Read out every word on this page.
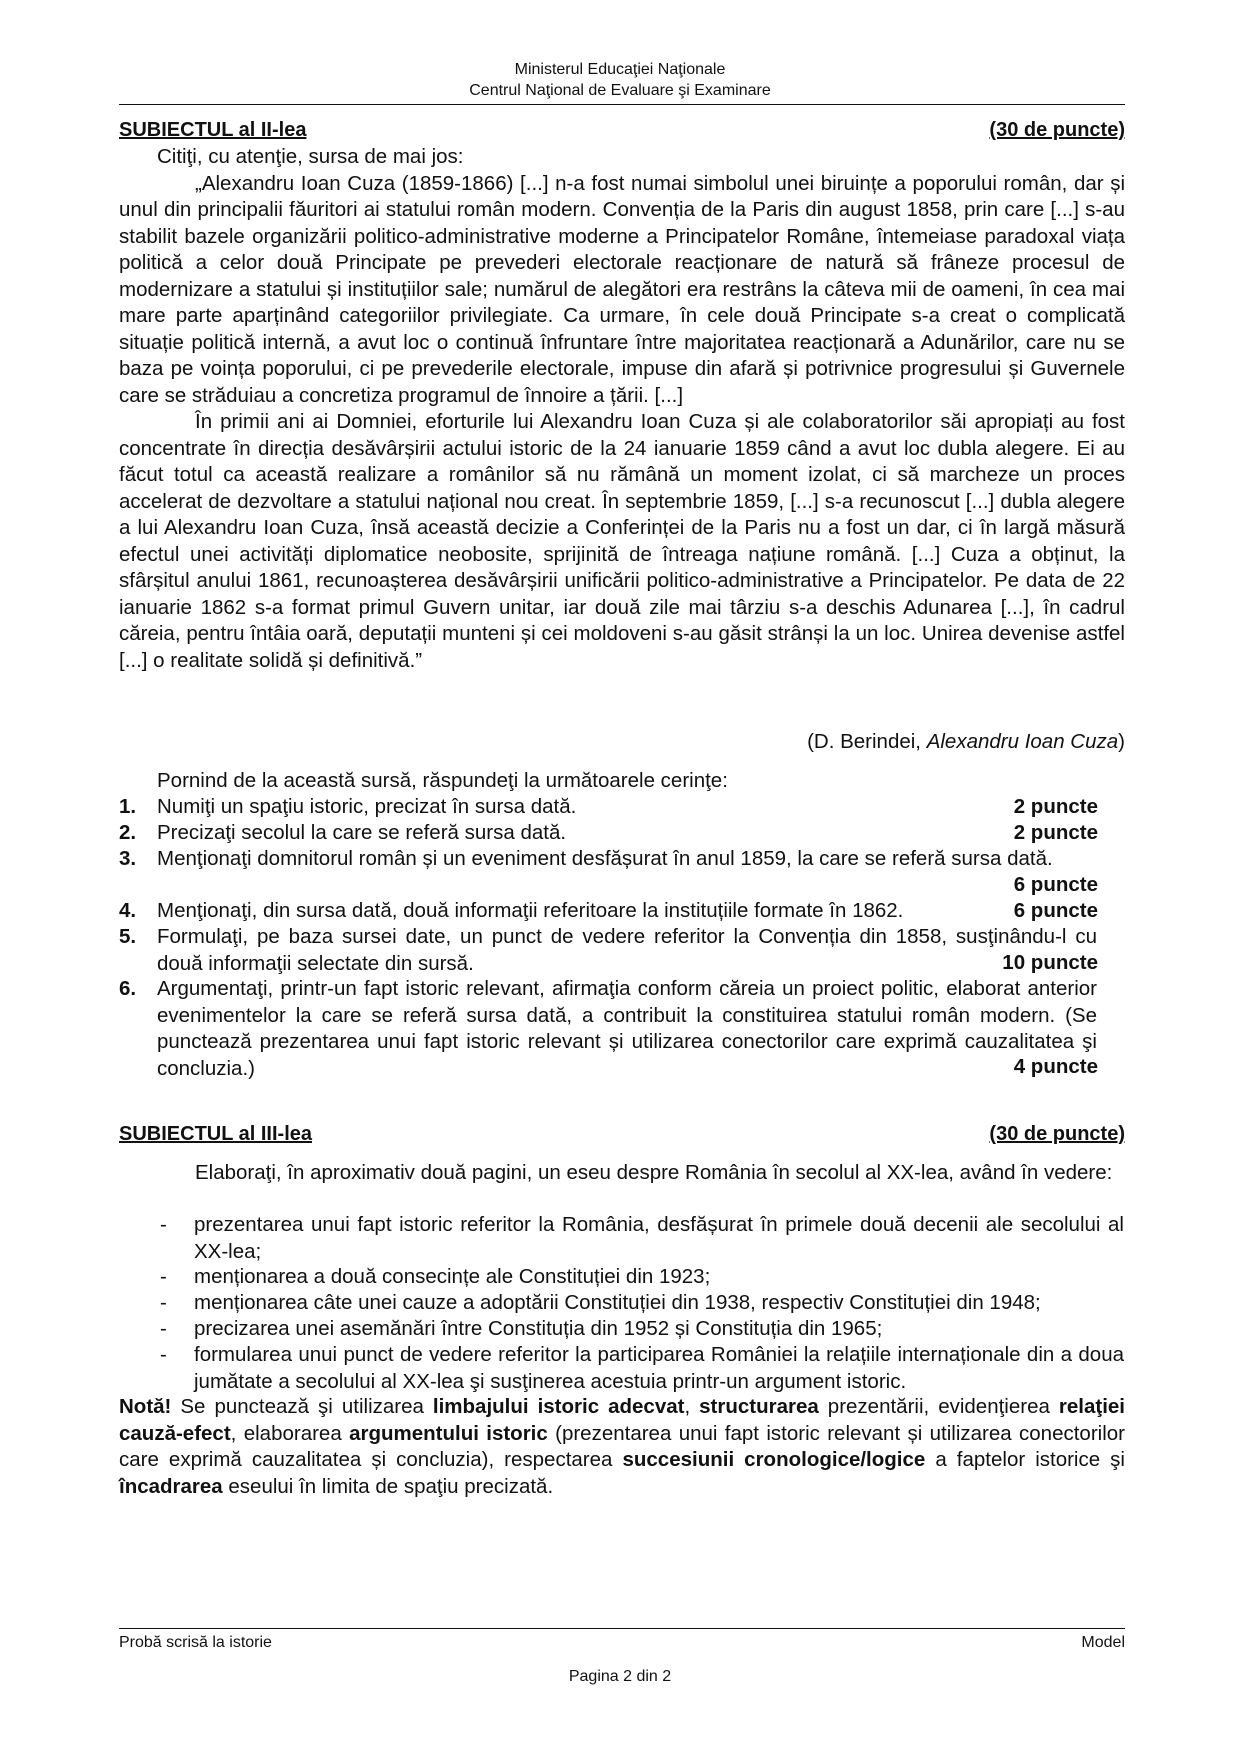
Ministerul Educaţiei Naţionale
Centrul Naţional de Evaluare şi Examinare
SUBIECTUL al II-lea	(30 de puncte)

Citiţi, cu atenţie, sursa de mai jos:

„Alexandru Ioan Cuza (1859-1866) [...] n-a fost numai simbolul unei biruințe a poporului român, dar și unul din principalii făuritori ai statului român modern. Convenția de la Paris din august 1858, prin care [...] s-au stabilit bazele organizării politico-administrative moderne a Principatelor Române, întemeiase paradoxal viața politică a celor două Principate pe prevederi electorale reacționare de natură să frâneze procesul de modernizare a statului și instituțiilor sale; numărul de alegători era restrâns la câteva mii de oameni, în cea mai mare parte aparținând categoriilor privilegiate. Ca urmare, în cele două Principate s-a creat o complicată situație politică internă, a avut loc o continuă înfruntare între majoritatea reacționară a Adunărilor, care nu se baza pe voința poporului, ci pe prevederile electorale, impuse din afară și potrivnice progresului și Guvernele care se străduiau a concretiza programul de înnoire a țării. [...]

În primii ani ai Domniei, eforturile lui Alexandru Ioan Cuza și ale colaboratorilor săi apropiați au fost concentrate în direcția desăvârșirii actului istoric de la 24 ianuarie 1859 când a avut loc dubla alegere. Ei au făcut totul ca această realizare a românilor să nu rămână un moment izolat, ci să marcheze un proces accelerat de dezvoltare a statului național nou creat. În septembrie 1859, [...] s-a recunoscut [...] dubla alegere a lui Alexandru Ioan Cuza, însă această decizie a Conferinței de la Paris nu a fost un dar, ci în largă măsură efectul unei activități diplomatice neobosite, sprijinită de întreaga națiune română. [...] Cuza a obținut, la sfârșitul anului 1861, recunoașterea desăvârșirii unificării politico-administrative a Principatelor. Pe data de 22 ianuarie 1862 s-a format primul Guvern unitar, iar două zile mai târziu s-a deschis Adunarea [...], în cadrul căreia, pentru întâia oară, deputații munteni și cei moldoveni s-au găsit strânși la un loc. Unirea devenise astfel [...] o realitate solidă și definitivă.”

(D. Berindei, Alexandru Ioan Cuza)

Pornind de la această sursă, răspundeţi la următoarele cerinţe:

1. Numiţi un spaţiu istoric, precizat în sursa dată.	2 puncte
2. Precizaţi secolul la care se referă sursa dată.	2 puncte
3. Menţionaţi domnitorul român și un eveniment desfășurat în anul 1859, la care se referă sursa dată.
6 puncte
4. Menţionaţi, din sursa dată, două informaţii referitoare la instituțiile formate în 1862.	6 puncte
5. Formulaţi, pe baza sursei date, un punct de vedere referitor la Convenția din 1858, susţinându-l cu două informaţii selectate din sursă.	10 puncte
6. Argumentaţi, printr-un fapt istoric relevant, afirmaţia conform căreia un proiect politic, elaborat anterior evenimentelor la care se referă sursa dată, a contribuit la constituirea statului român modern. (Se punctează prezentarea unui fapt istoric relevant și utilizarea conectorilor care exprimă cauzalitatea şi concluzia.)	4 puncte
SUBIECTUL al III-lea	(30 de puncte)

Elaboraţi, în aproximativ două pagini, un eseu despre România în secolul al XX-lea, având în vedere:

- prezentarea unui fapt istoric referitor la România, desfășurat în primele două decenii ale secolului al XX-lea;
- menționarea a două consecințe ale Constituției din 1923;
- menționarea câte unei cauze a adoptării Constituției din 1938, respectiv Constituției din 1948;
- precizarea unei asemănări între Constituția din 1952 și Constituția din 1965;
- formularea unui punct de vedere referitor la participarea României la relațiile internaționale din a doua jumătate a secolului al XX-lea şi susţinerea acestuia printr-un argument istoric.

Notă! Se punctează şi utilizarea limbajului istoric adecvat, structurarea prezentării, evidenţierea relaţiei cauză-efect, elaborarea argumentului istoric (prezentarea unui fapt istoric relevant și utilizarea conectorilor care exprimă cauzalitatea și concluzia), respectarea succesiunii cronologice/logice a faptelor istorice şi încadrarea eseului în limita de spaţiu precizată.

Probă scrisă la istorie	Model
Pagina 2 din 2
